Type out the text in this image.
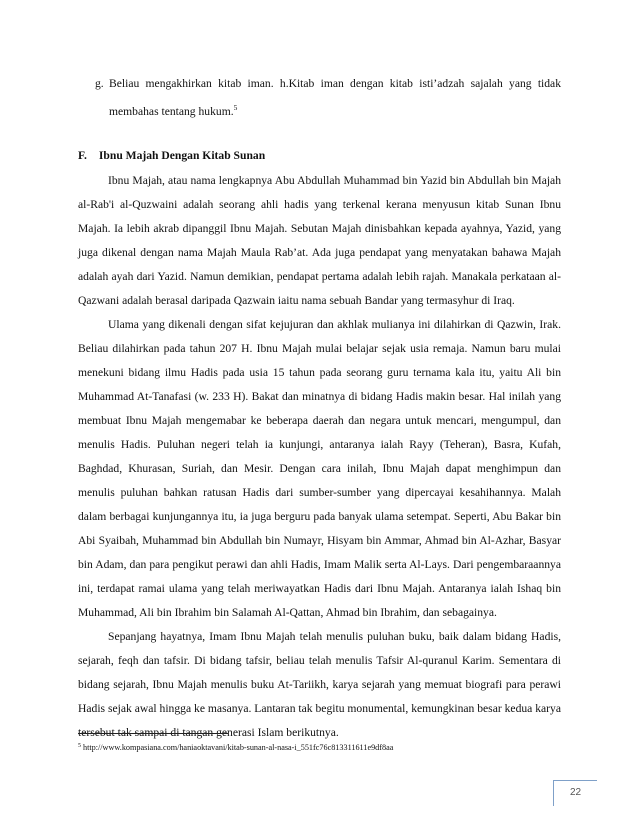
g. Beliau mengakhirkan kitab iman. h.Kitab iman dengan kitab isti’adzah sajalah yang tidak membahas tentang hukum.$^5$
F. Ibnu Majah Dengan Kitab Sunan

Ibnu Majah, atau nama lengkapnya Abu Abdullah Muhammad bin Yazid bin Abdullah bin Majah al-Rab'i al-Quzwaini adalah seorang ahli hadis yang terkenal kerana menyusun kitab Sunan Ibnu Majah. Ia lebih akrab dipanggil Ibnu Majah. Sebutan Majah dinisbahkan kepada ayahnya, Yazid, yang juga dikenal dengan nama Majah Maula Rab’at. Ada juga pendapat yang menyatakan bahawa Majah adalah ayah dari Yazid. Namun demikian, pendapat pertama adalah lebih rajah. Manakala perkataan al-Qazwani adalah berasal daripada Qazwain iaitu nama sebuah Bandar yang termasyhur di Iraq.

Ulama yang dikenali dengan sifat kejujuran dan akhlak mulianya ini dilahirkan di Qazwin, Irak. Beliau dilahirkan pada tahun 207 H. Ibnu Majah mulai belajar sejak usia remaja. Namun baru mulai menekuni bidang ilmu Hadis pada usia 15 tahun pada seorang guru ternama kala itu, yaitu Ali bin Muhammad At-Tanafasi (w. 233 H). Bakat dan minatnya di bidang Hadis makin besar. Hal inilah yang membuat Ibnu Majah mengemabar ke beberapa daerah dan negara untuk mencari, mengumpul, dan menulis Hadis. Puluhan negeri telah ia kunjungi, antaranya ialah Rayy (Teheran), Basra, Kufah, Baghdad, Khurasan, Suriah, dan Mesir. Dengan cara inilah, Ibnu Majah dapat menghimpun dan menulis puluhan bahkan ratusan Hadis dari sumber-sumber yang dipercayai kesahihannya. Malah dalam berbagai kunjungannya itu, ia juga berguru pada banyak ulama setempat. Seperti, Abu Bakar bin Abi Syaibah, Muhammad bin Abdullah bin Numayr, Hisyam bin Ammar, Ahmad bin Al-Azhar, Basyar bin Adam, dan para pengikut perawi dan ahli Hadis, Imam Malik serta Al-Lays. Dari pengembaraannya ini, terdapat ramai ulama yang telah meriwayatkan Hadis dari Ibnu Majah. Antaranya ialah Ishaq bin Muhammad, Ali bin Ibrahim bin Salamah Al-Qattan, Ahmad bin Ibrahim, dan sebagainya.

Sepanjang hayatnya, Imam Ibnu Majah telah menulis puluhan buku, baik dalam bidang Hadis, sejarah, feqh dan tafsir. Di bidang tafsir, beliau telah menulis Tafsir Al-quranul Karim. Sementara di bidang sejarah, Ibnu Majah menulis buku At-Tariikh, karya sejarah yang memuat biografi para perawi Hadis sejak awal hingga ke masanya. Lantaran tak begitu monumental, kemungkinan besar kedua karya tersebut tak sampai di tangan generasi Islam berikutnya.

$^5$ http://www.kompasiana.com/haniaoktavani/kitab-sunan-al-nasa-i_551fc76c813311611e9df8aa
22
